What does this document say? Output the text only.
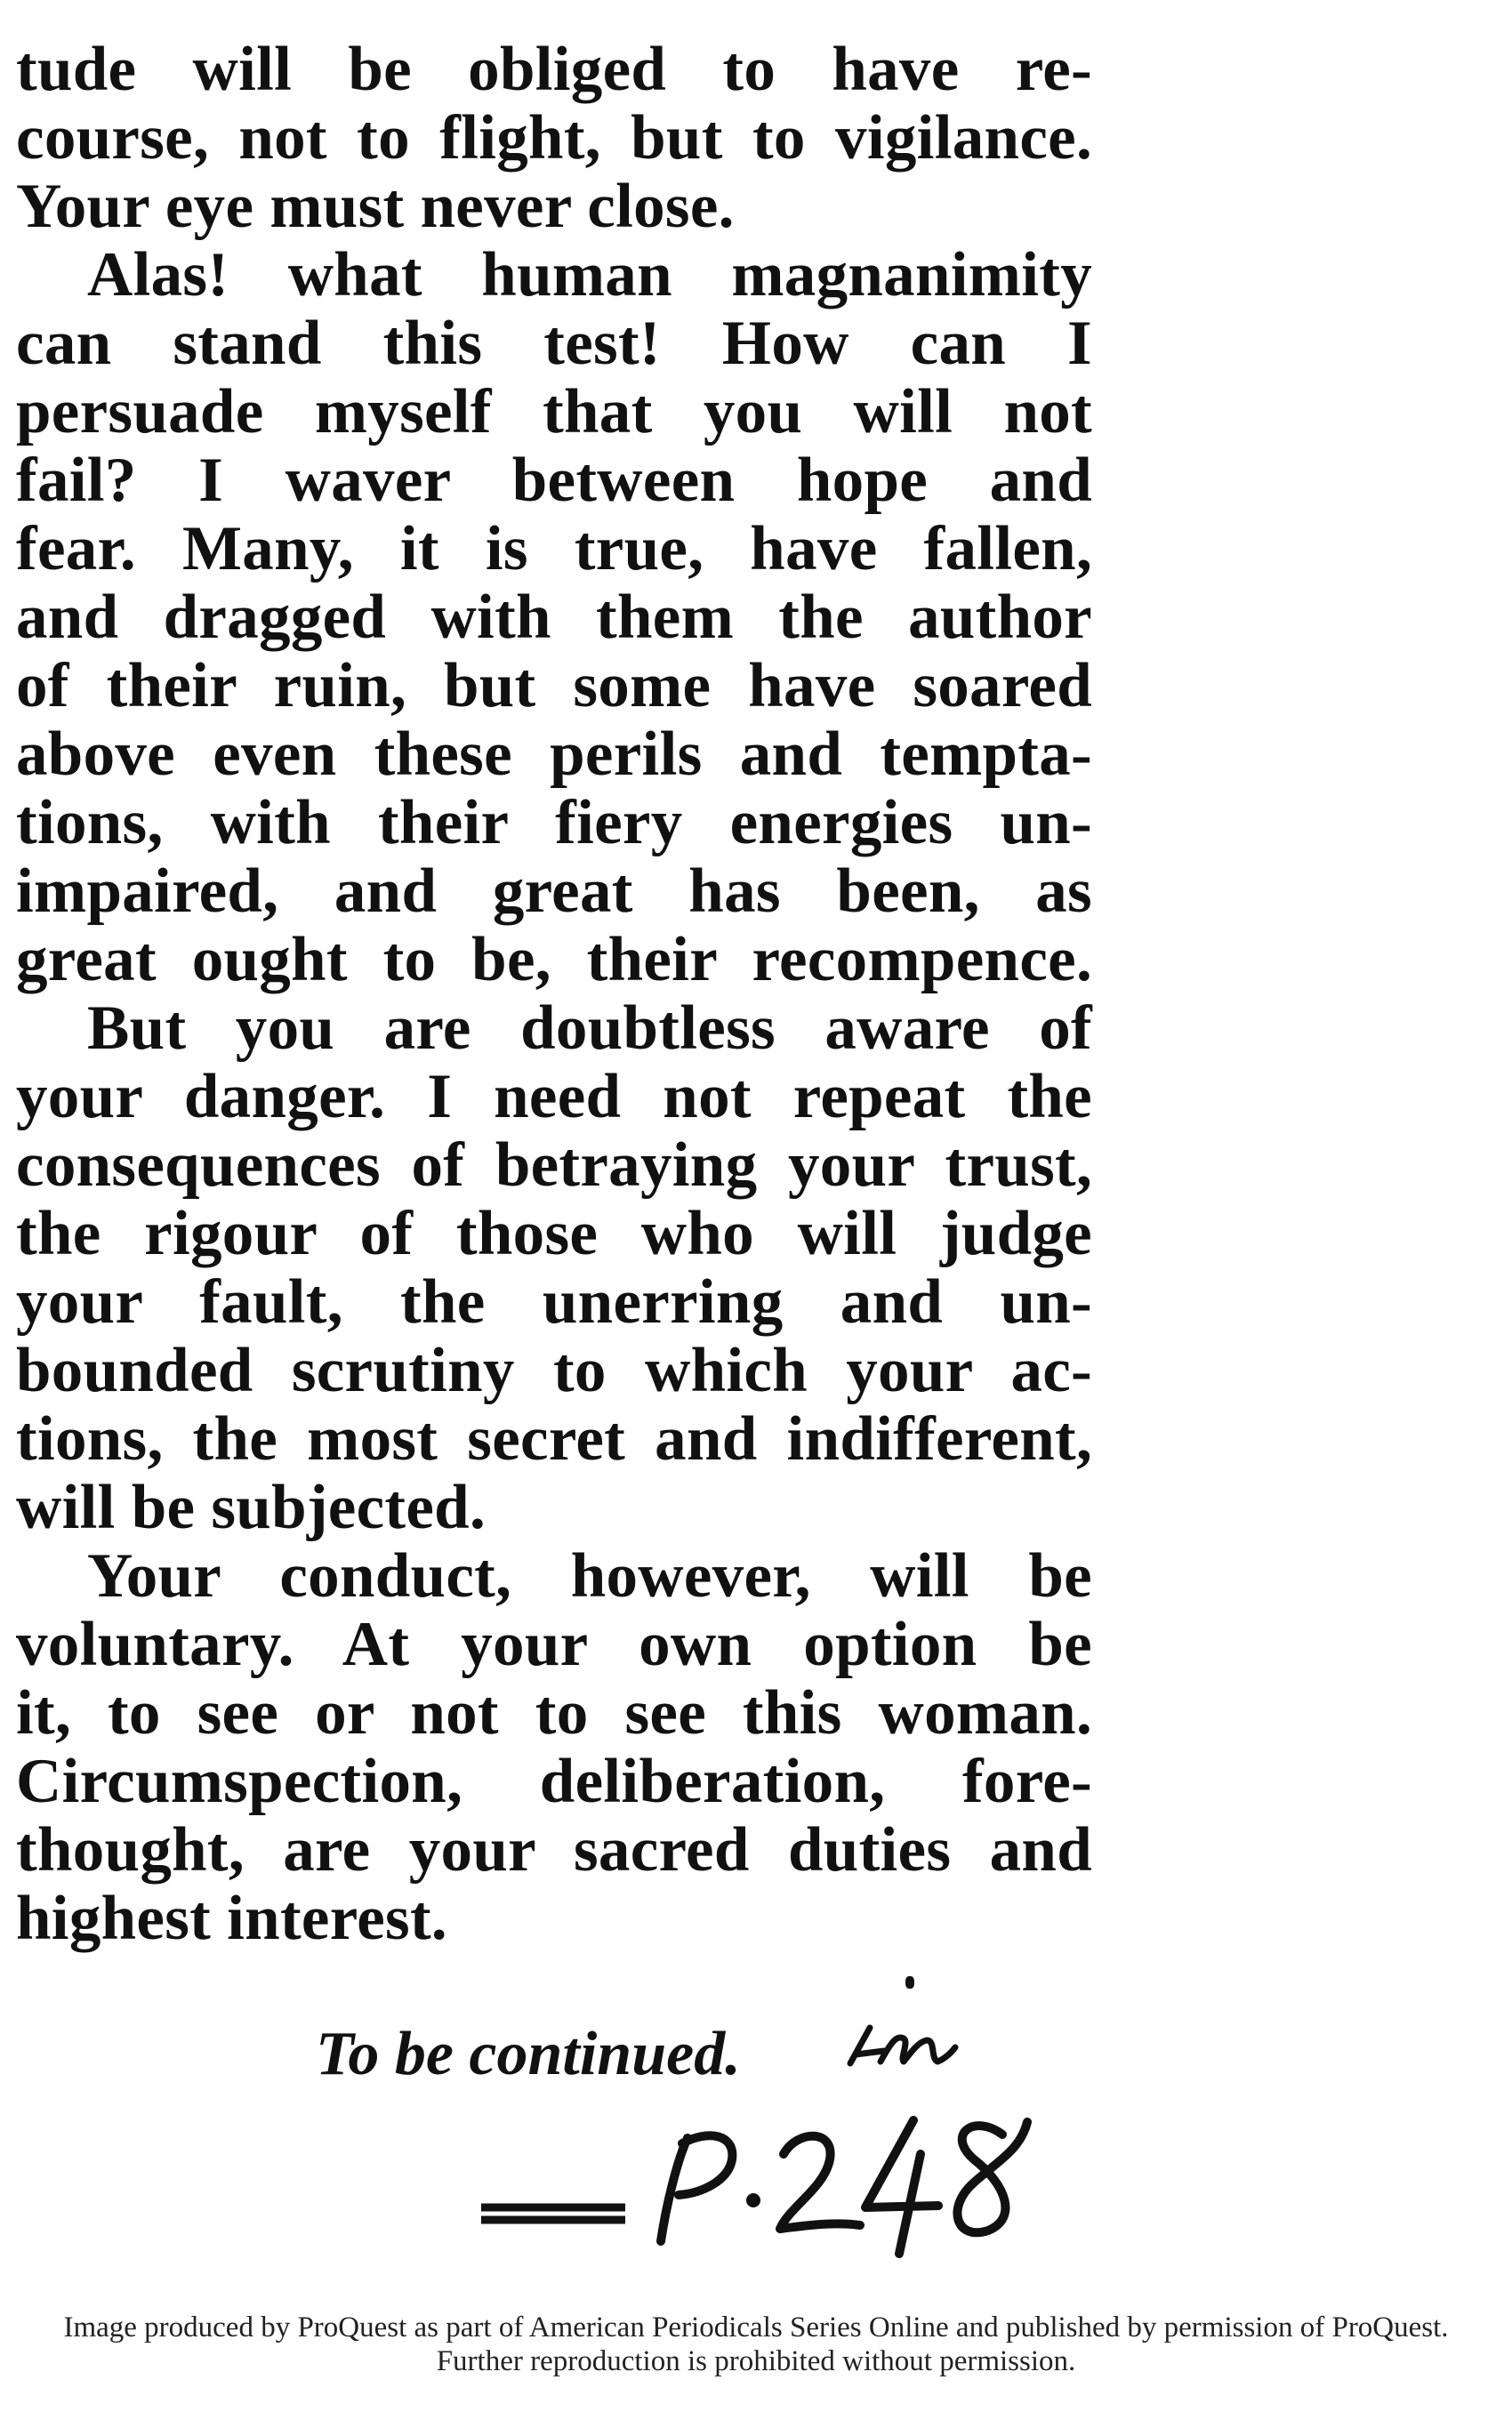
tude will be obliged to have re-
course, not to flight, but to vigilance.
Your eye must never close.
Alas! what human magnanimity
can stand this test! How can I
persuade myself that you will not
fail? I waver between hope and
fear. Many, it is true, have fallen,
and dragged with them the author
of their ruin, but some have soared
above even these perils and tempta-
tions, with their fiery energies un-
impaired, and great has been, as
great ought to be, their recompence.
But you are doubtless aware of
your danger. I need not repeat the
consequences of betraying your trust,
the rigour of those who will judge
your fault, the unerring and un-
bounded scrutiny to which your ac-
tions, the most secret and indifferent,
will be subjected.
Your conduct, however, will be
voluntary. At your own option be
it, to see or not to see this woman.
Circumspection, deliberation, fore-
thought, are your sacred duties and
highest interest.
To be continued.
Image produced by ProQuest as part of American Periodicals Series Online and published by permission of ProQuest.
Further reproduction is prohibited without permission.
